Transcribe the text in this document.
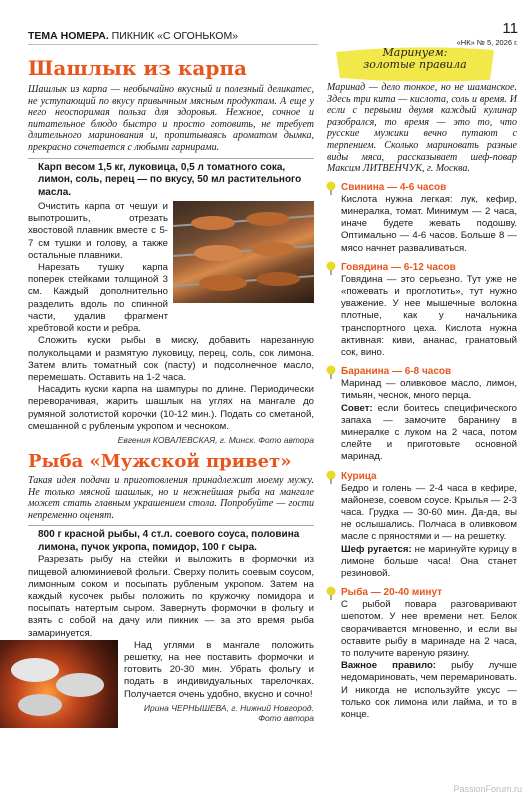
ТЕМА НОМЕРА. ПИКНИК «С ОГОНЬКОМ»	11
«НК» № 5, 2026 г.
Маринуем:
золотые правила
Шашлык из карпа

Шашлык из карпа — необычайно вкусный и полезный деликатес, не уступающий по вкусу привычным мясным продуктам. А еще у него неоспоримая польза для здоровья. Нежное, сочное и питательное блюдо быстро и просто готовить, не требует длительного маринования и, пропитываясь ароматом дымка, прекрасно сочетается с любыми гарнирами.

Карп весом 1,5 кг, луковица, 0,5 л томатного сока, лимон, соль, перец — по вкусу, 50 мл растительного масла.

Очистить карпа от чешуи и выпотрошить, отрезать хвостовой плавник вместе с 5-7 см тушки и голову, а также остальные плавники.

Нарезать тушку карпа поперек стейками толщиной 3 см. Каждый дополнительно разделить вдоль по спинной части, удалив фрагмент хребтовой кости и ребра.

Сложить куски рыбы в миску, добавить нарезанную полукольцами и размятую луковицу, перец, соль, сок лимона. Затем влить томатный сок (пасту) и подсолнечное масло, перемешать. Оставить на 1-2 часа.

Насадить куски карпа на шампуры по длине. Периодически переворачивая, жарить шашлык на углях на мангале до румяной золотистой корочки (10-12 мин.). Подать со сметаной, смешанной с рубленым укропом и чесноком.

Евгения КОВАЛЕВСКАЯ, г. Минск. Фото автора

Рыба «Мужской привет»

Такая идея подачи и приготовления принадлежит моему мужу. Не только мясной шашлык, но и нежнейшая рыба на мангале может стать главным украшением стола. Попробуйте — гости непременно оценят.

800 г красной рыбы, 4 ст.л. соевого соуса, половина лимона, пучок укропа, помидор, 100 г сыра.

Разрезать рыбу на стейки и выложить в формочки из пищевой алюминиевой фольги. Сверху полить соевым соусом, лимонным соком и посыпать рубленым укропом. Затем на каждый кусочек рыбы положить по кружочку помидора и посыпать натертым сыром. Завернуть формочки в фольгу и взять с собой на дачу или пикник — за это время рыба замаринуется.

Над углями в мангале положить решетку, на нее поставить формочки и готовить 20-30 мин. Убрать фольгу и подать в индивидуальных тарелочках. Получается очень удобно, вкусно и сочно!

Ирина ЧЕРНЫШЕВА, г. Нижний Новгород.

Фото автора

Маринад — дело тонкое, но не шаманское. Здесь три кита — кислота, соль и время. И если с первыми двумя каждый кулинар разобрался, то время — это то, что русские мужики вечно путают с терпением. Сколько мариновать разные виды мяса, рассказывает шеф-повар Максим ЛИТВЕНЧУК, г. Москва.

Свинина — 4-6 часов

Кислота нужна легкая: лук, кефир, минералка, томат. Минимум — 2 часа, иначе будете жевать подошву. Оптимально — 4-6 часов. Больше 8 — мясо начнет разваливаться.

Говядина — 6-12 часов

Говядина — это серьезно. Тут уже не «пожевать и проглотить», тут нужно уважение. У нее мышечные волокна плотные, как у начальника транспортного цеха. Кислота нужна активная: киви, ананас, гранатовый сок, вино.

Баранина — 6-8 часов

Маринад — оливковое масло, лимон, тимьян, чеснок, много перца.

Совет: если боитесь специфического запаха — замочите баранину в минералке с луком на 2 часа, потом слейте и приготовьте основной маринад.

Курица

Бедро и голень — 2-4 часа в кефире, майонезе, соевом соусе. Крылья — 2-3 часа. Грудка — 30-60 мин. Да-да, вы не ослышались. Полчаса в оливковом масле с пряностями и — на решетку.

Шеф ругается: не маринуйте курицу в лимоне больше часа! Она станет резиновой.

Рыба — 20-40 минут

С рыбой повара разговаривают шепотом. У нее времени нет. Белок сворачивается мгновенно, и если вы оставите рыбу в маринаде на 2 часа, то получите вареную рязину.

Важное правило: рыбу лучше недомариновать, чем перемариновать. И никогда не используйте уксус — только сок лимона или лайма, и то в конце.

PassionForum.ru
